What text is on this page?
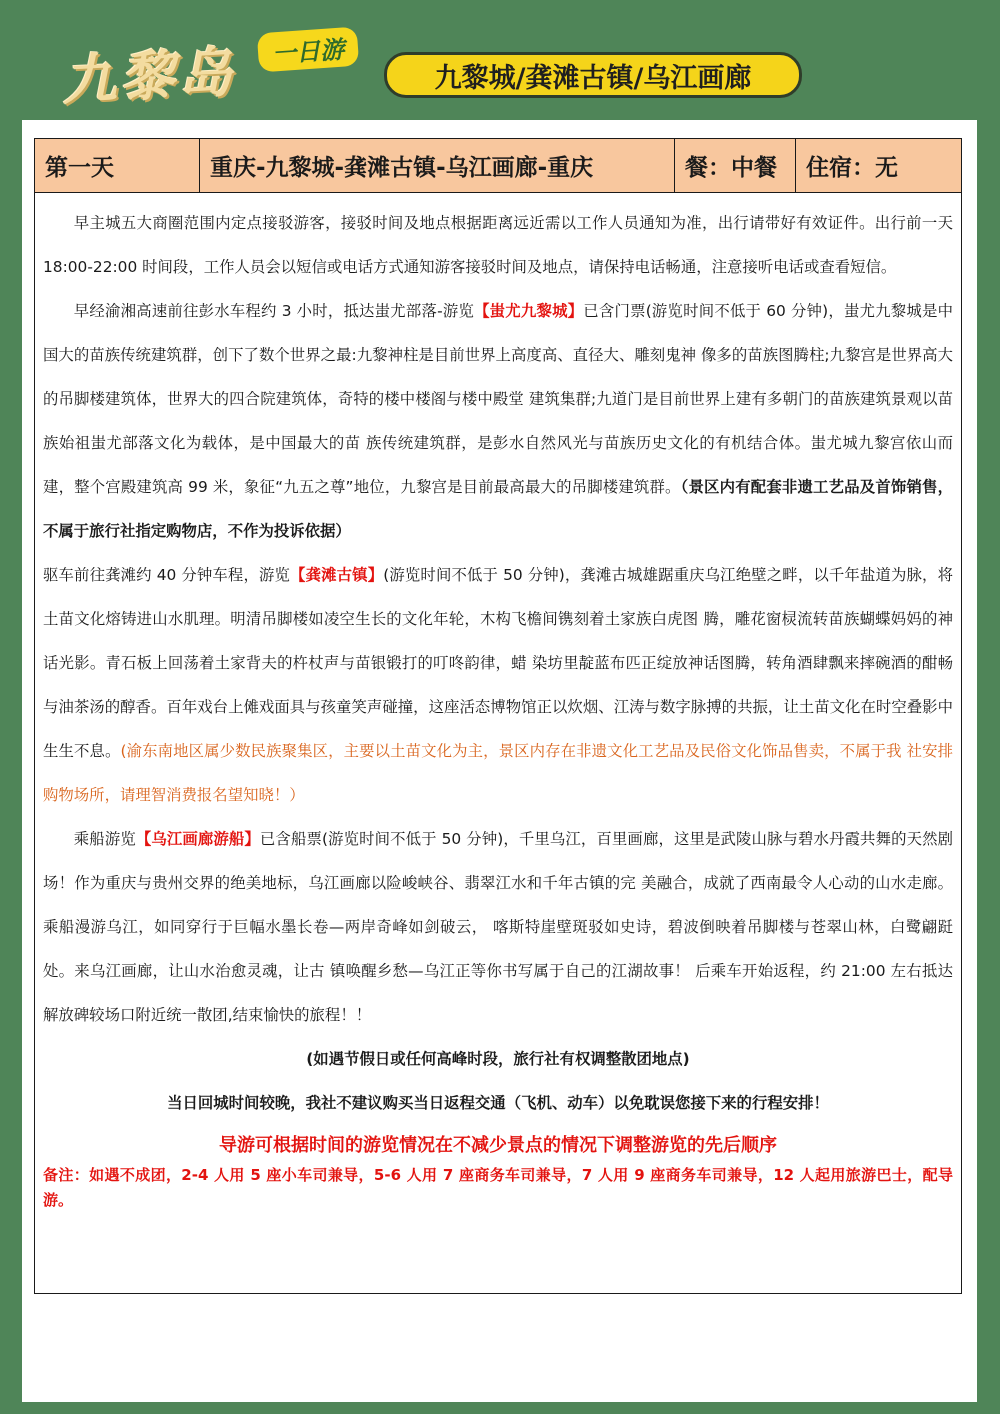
九黎岛	一日游
九黎城/龚滩古镇/乌江画廊
第一天	重庆-九黎城-龚滩古镇-乌江画廊-重庆	餐：中餐	住宿：无

早主城五大商圈范围内定点接驳游客，接驳时间及地点根据距离远近需以工作人员通知为准，出行请带好有效证件。出行前一天 18:00-22:00 时间段，工作人员会以短信或电话方式通知游客接驳时间及地点，请保持电话畅通，注意接听电话或查看短信。

早经渝湘高速前往彭水车程约 3 小时，抵达蚩尤部落-游览【蚩尤九黎城】已含门票(游览时间不低于 60 分钟)，蚩尤九黎城是中国大的苗族传统建筑群，创下了数个世界之最:九黎神柱是目前世界上高度高、直径大、雕刻鬼神 像多的苗族图腾柱;九黎宫是世界高大的吊脚楼建筑体，世界大的四合院建筑体，奇特的楼中楼阁与楼中殿堂 建筑集群;九道门是目前世界上建有多朝门的苗族建筑景观以苗族始祖蚩尤部落文化为载体，是中国最大的苗 族传统建筑群，是彭水自然风光与苗族历史文化的有机结合体。蚩尤城九黎宫依山而建，整个宫殿建筑高 99 米，象征“九五之尊”地位，九黎宫是目前最高最大的吊脚楼建筑群。（景区内有配套非遗工艺品及首饰销售，不属于旅行社指定购物店，不作为投诉依据）

驱车前往龚滩约 40 分钟车程，游览【龚滩古镇】(游览时间不低于 50 分钟)，龚滩古城雄踞重庆乌江绝壁之畔，以千年盐道为脉，将土苗文化熔铸进山水肌理。明清吊脚楼如凌空生长的文化年轮，木构飞檐间镌刻着土家族白虎图 腾，雕花窗棂流转苗族蝴蝶妈妈的神话光影。青石板上回荡着土家背夫的杵杖声与苗银锻打的叮咚韵律，蜡 染坊里靛蓝布匹正绽放神话图腾，转角酒肆飘来摔碗酒的酣畅与油茶汤的醇香。百年戏台上傩戏面具与孩童笑声碰撞，这座活态博物馆正以炊烟、江涛与数字脉搏的共振，让土苗文化在时空叠影中生生不息。(渝东南地区属少数民族聚集区，主要以土苗文化为主，景区内存在非遗文化工艺品及民俗文化饰品售卖，不属于我 社安排购物场所，请理智消费报名望知晓！）

乘船游览【乌江画廊游船】已含船票(游览时间不低于 50 分钟)，千里乌江，百里画廊，这里是武陵山脉与碧水丹霞共舞的天然剧场！作为重庆与贵州交界的绝美地标，乌江画廊以险峻峡谷、翡翠江水和千年古镇的完 美融合，成就了西南最令人心动的山水走廊。乘船漫游乌江，如同穿行于巨幅水墨长卷—两岸奇峰如剑破云， 喀斯特崖壁斑驳如史诗，碧波倒映着吊脚楼与苍翠山林，白鹭翩跹处。来乌江画廊，让山水治愈灵魂，让古 镇唤醒乡愁—乌江正等你书写属于自己的江湖故事！ 后乘车开始返程，约 21:00 左右抵达解放碑较场口附近统一散团,结束愉快的旅程！！

(如遇节假日或任何高峰时段，旅行社有权调整散团地点)

当日回城时间较晚，我社不建议购买当日返程交通（飞机、动车）以免耽误您接下来的行程安排！

导游可根据时间的游览情况在不减少景点的情况下调整游览的先后顺序

备注：如遇不成团，2-4 人用 5 座小车司兼导，5-6 人用 7 座商务车司兼导，7 人用 9 座商务车司兼导，12 人起用旅游巴士，配导游。
